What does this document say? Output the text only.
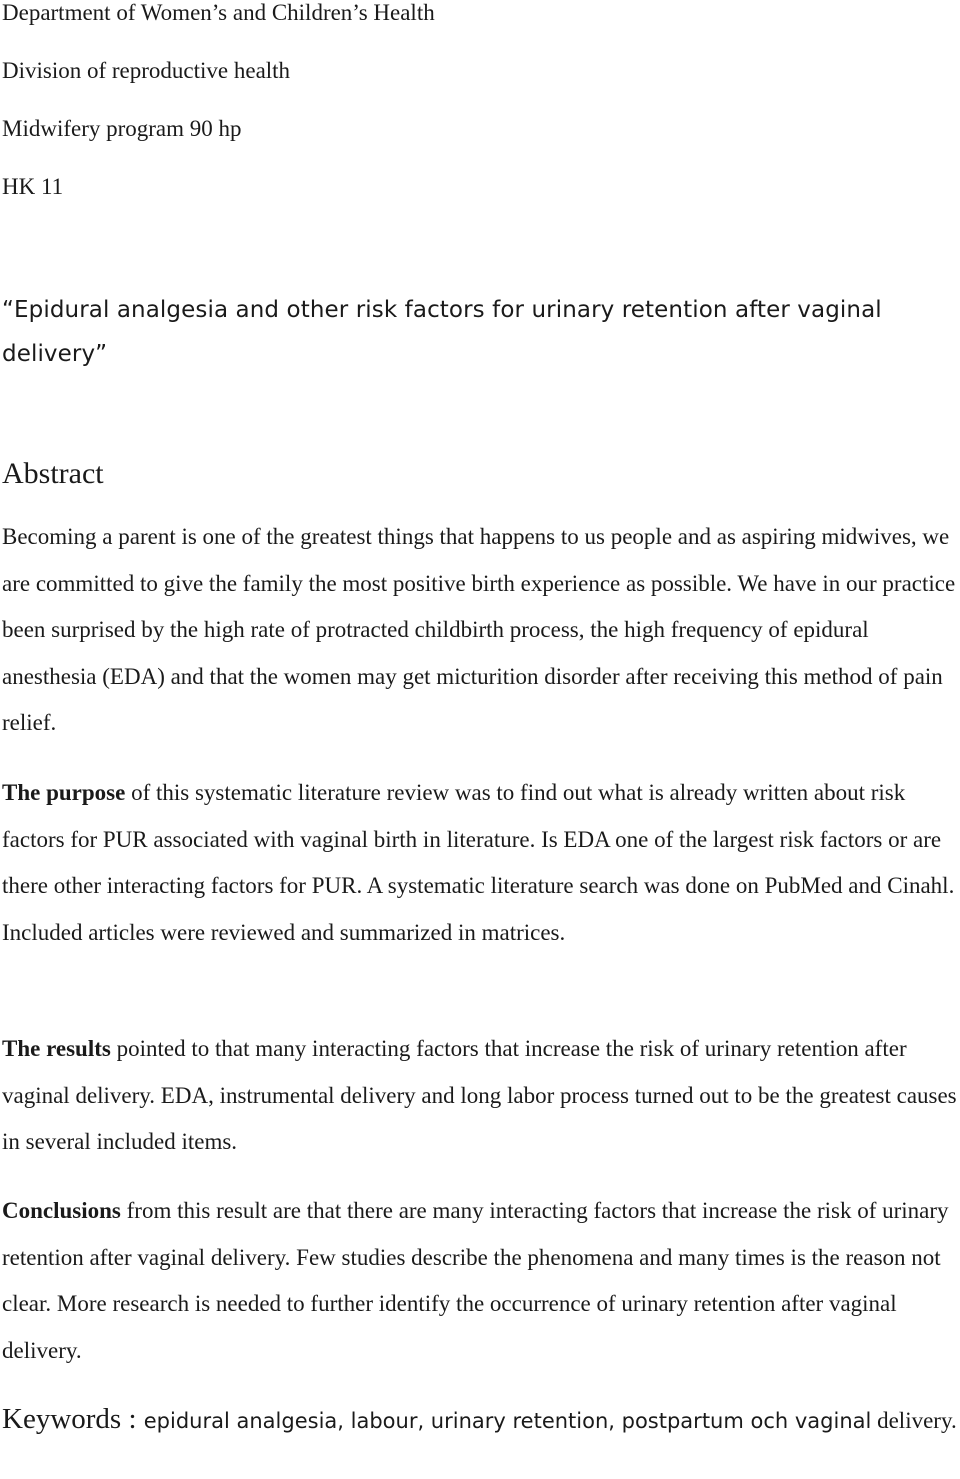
Department of Women’s and Children’s Health
Division of reproductive health
Midwifery program 90 hp
HK 11
“Epidural analgesia and other risk factors for urinary retention after vaginal delivery”
Abstract
Becoming a parent is one of the greatest things that happens to us people and as aspiring midwives, we are committed to give the family the most positive birth experience as possible. We have in our practice been surprised by the high rate of protracted childbirth process, the high frequency of epidural anesthesia (EDA) and that the women may get micturition disorder after receiving this method of pain relief.
The purpose of this systematic literature review was to find out what is already written about risk factors for PUR associated with vaginal birth in literature. Is EDA one of the largest risk factors or are there other interacting factors for PUR. A systematic literature search was done on PubMed and Cinahl. Included articles were reviewed and summarized in matrices.
The results pointed to that many interacting factors that increase the risk of urinary retention after vaginal delivery. EDA, instrumental delivery and long labor process turned out to be the greatest causes in several included items.
Conclusions from this result are that there are many interacting factors that increase the risk of urinary retention after vaginal delivery. Few studies describe the phenomena and many times is the reason not clear. More research is needed to further identify the occurrence of urinary retention after vaginal delivery.
Keywords : epidural analgesia, labour, urinary retention, postpartum och vaginal delivery.
